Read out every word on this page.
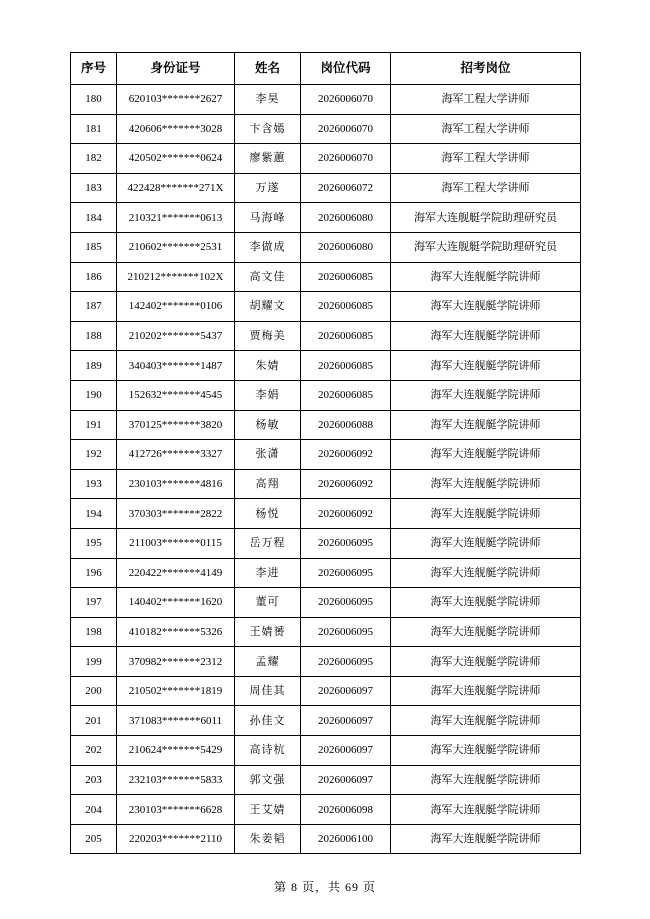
序号	身份证号	姓名	岗位代码	招考岗位
180	620103*******2627	李昊	2026006070	海军工程大学讲师
181	420606*******3028	卞含嫣	2026006070	海军工程大学讲师
182	420502*******0624	廖紫蕙	2026006070	海军工程大学讲师
183	422428*******271X	万遂	2026006072	海军工程大学讲师
184	210321*******0613	马海峰	2026006080	海军大连舰艇学院助理研究员
185	210602*******2531	李做成	2026006080	海军大连舰艇学院助理研究员
186	210212*******102X	高文佳	2026006085	海军大连舰艇学院讲师
187	142402*******0106	胡耀文	2026006085	海军大连舰艇学院讲师
188	210202*******5437	贾梅美	2026006085	海军大连舰艇学院讲师
189	340403*******1487	朱婧	2026006085	海军大连舰艇学院讲师
190	152632*******4545	李娟	2026006085	海军大连舰艇学院讲师
191	370125*******3820	杨敏	2026006088	海军大连舰艇学院讲师
192	412726*******3327	张潇	2026006092	海军大连舰艇学院讲师
193	230103*******4816	高翔	2026006092	海军大连舰艇学院讲师
194	370303*******2822	杨悦	2026006092	海军大连舰艇学院讲师
195	211003*******0115	岳万程	2026006095	海军大连舰艇学院讲师
196	220422*******4149	李进	2026006095	海军大连舰艇学院讲师
197	140402*******1620	董可	2026006095	海军大连舰艇学院讲师
198	410182*******5326	王婧赟	2026006095	海军大连舰艇学院讲师
199	370982*******2312	孟耀	2026006095	海军大连舰艇学院讲师
200	210502*******1819	周佳其	2026006097	海军大连舰艇学院讲师
201	371083*******6011	孙佳文	2026006097	海军大连舰艇学院讲师
202	210624*******5429	高诗杭	2026006097	海军大连舰艇学院讲师
203	232103*******5833	郭文强	2026006097	海军大连舰艇学院讲师
204	230103*******6628	王艾婧	2026006098	海军大连舰艇学院讲师
205	220203*******2110	朱姜韬	2026006100	海军大连舰艇学院讲师
第 8 页，共 69 页
